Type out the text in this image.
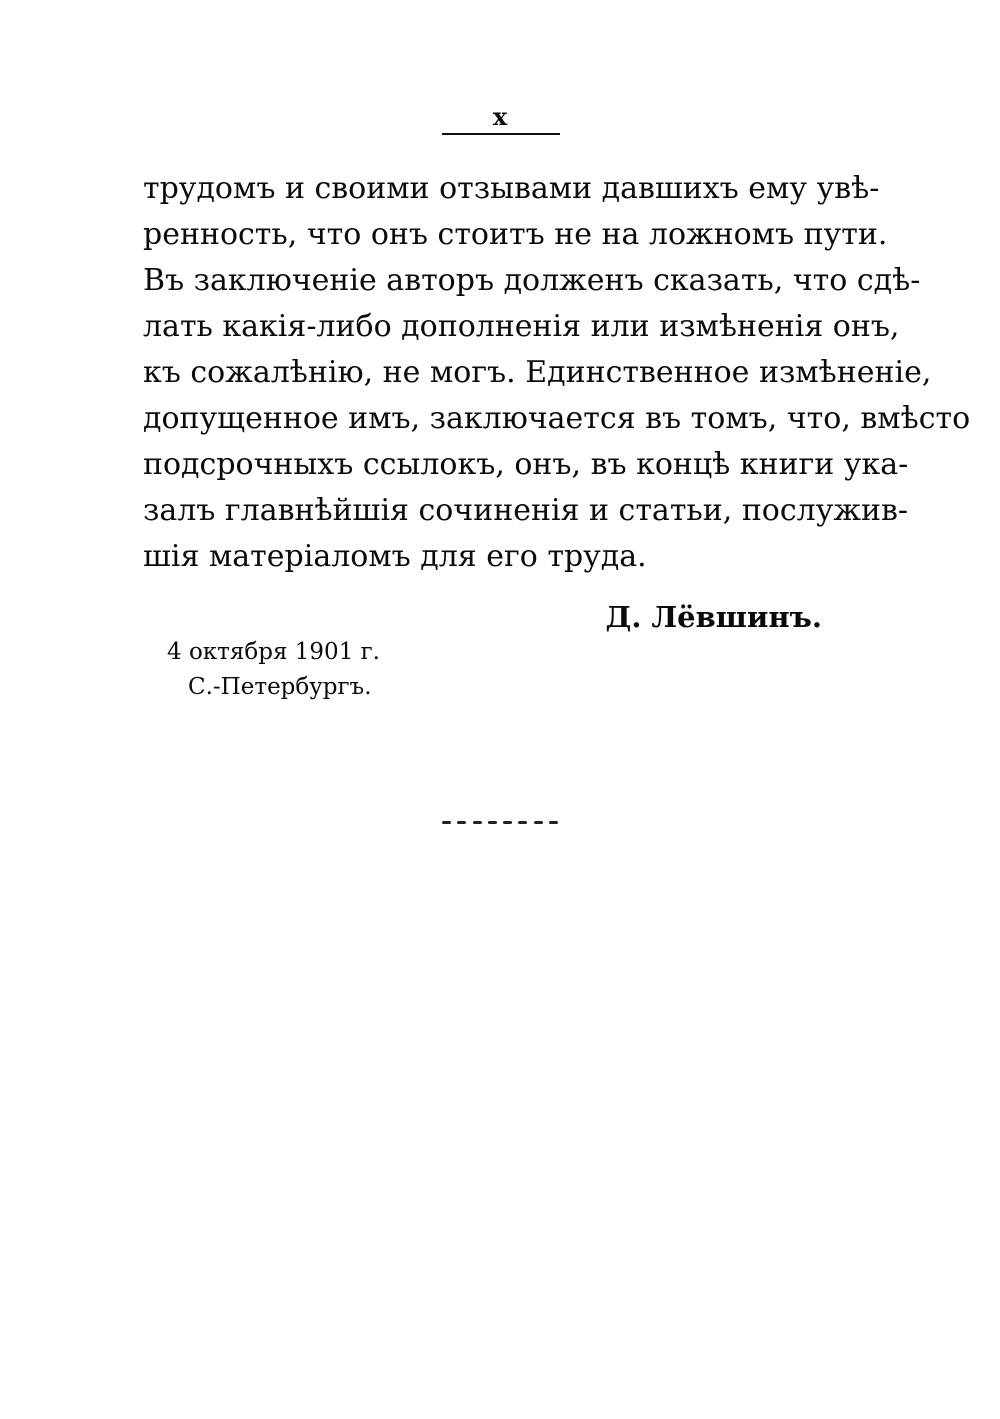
x
трудомъ и своими отзывами давшихъ ему увѣ-
ренность, что онъ стоитъ не на ложномъ пути.
Въ заключеніе авторъ долженъ сказать, что сдѣ-
лать какія-либо дополненія или измѣненія онъ,
къ сожалѣнію, не могъ. Единственное измѣненіе,
допущенное имъ, заключается въ томъ, что, вмѣсто
подсрочныхъ ссылокъ, онъ, въ концѣ книги ука-
залъ главнѣйшія сочиненія и статьи, послужив-
шія матеріаломъ для его труда.
Д. Лёвшинъ.
4 октября 1901 г.
С.-Петербургъ.
